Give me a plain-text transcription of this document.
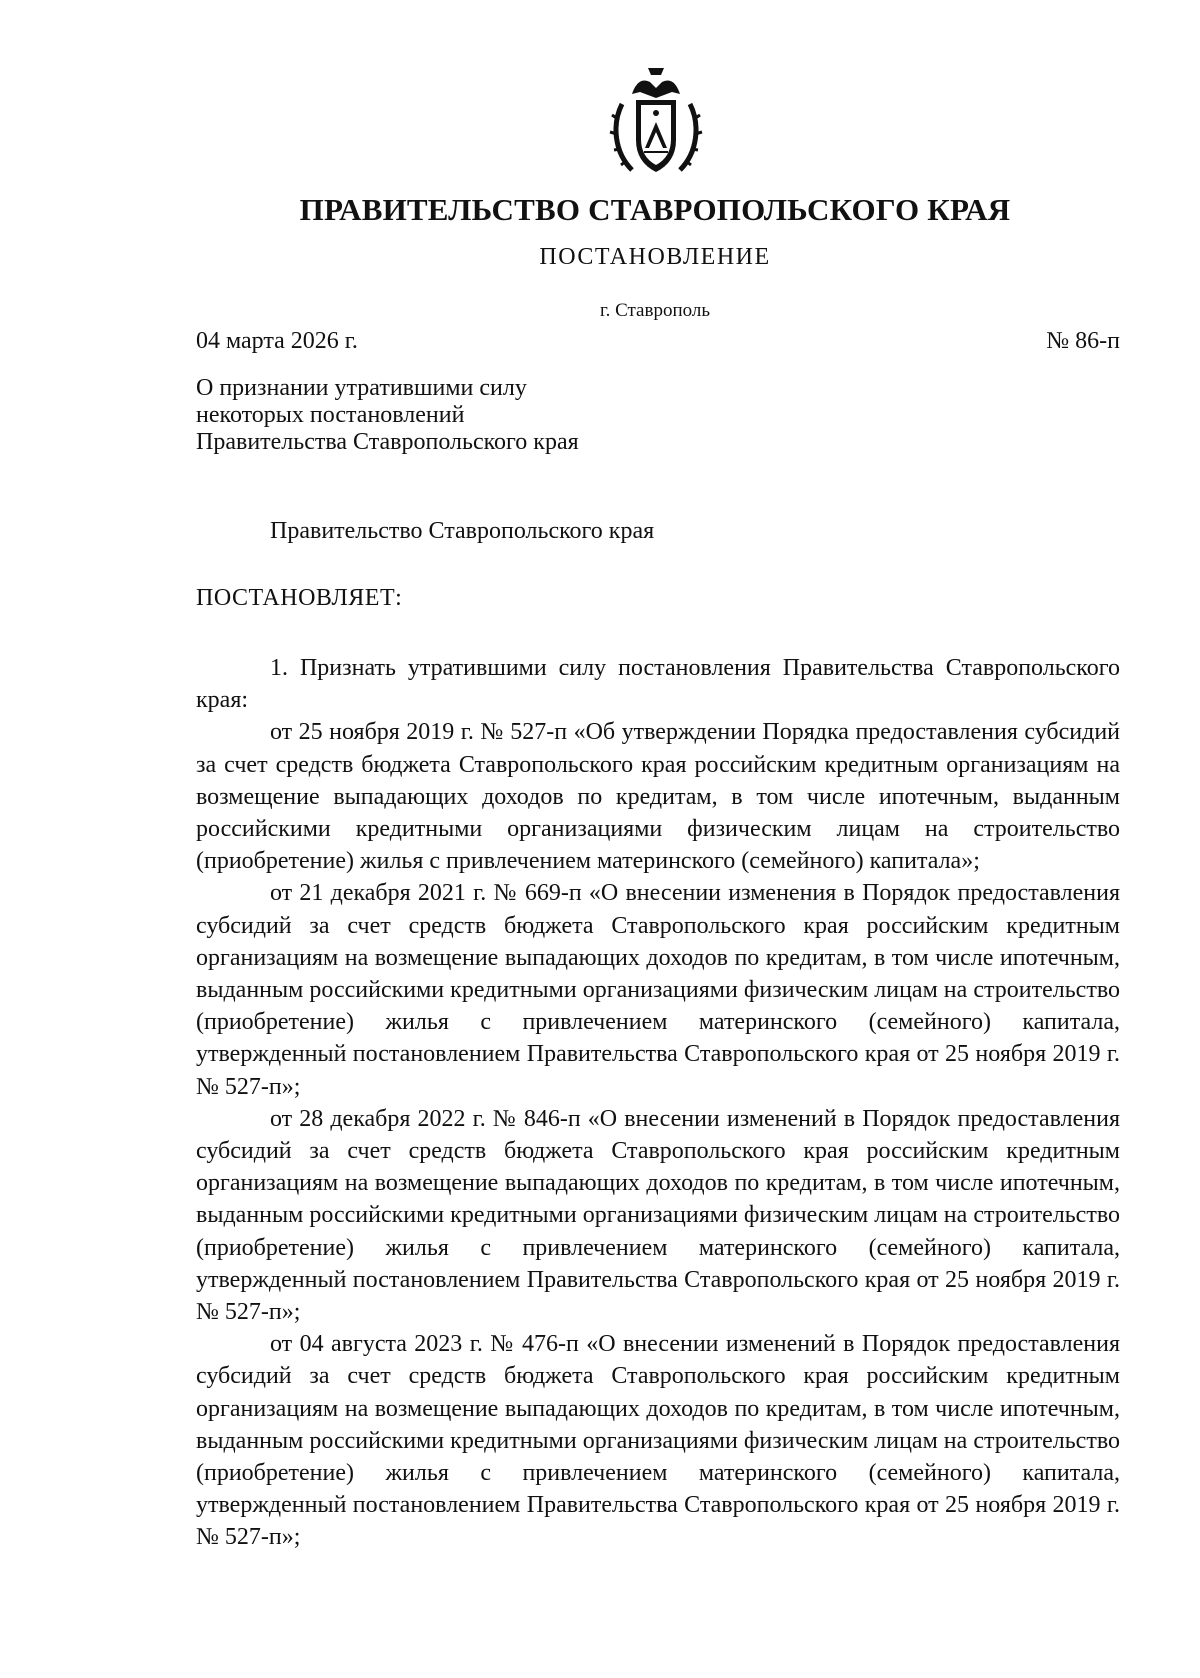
ПРАВИТЕЛЬСТВО СТАВРОПОЛЬСКОГО КРАЯ
ПОСТАНОВЛЕНИЕ
г. Ставрополь
04 марта 2026 г.	№ 86-п
О признании утратившими силу
некоторых постановлений
Правительства Ставропольского края
Правительство Ставропольского края
ПОСТАНОВЛЯЕТ:

1. Признать утратившими силу постановления Правительства Ставропольского края:

от 25 ноября 2019 г. № 527-п «Об утверждении Порядка предоставления субсидий за счет средств бюджета Ставропольского края российским кредитным организациям на возмещение выпадающих доходов по кредитам, в том числе ипотечным, выданным российскими кредитными организациями физическим лицам на строительство (приобретение) жилья с привлечением материнского (семейного) капитала»;

от 21 декабря 2021 г. № 669-п «О внесении изменения в Порядок предоставления субсидий за счет средств бюджета Ставропольского края российским кредитным организациям на возмещение выпадающих доходов по кредитам, в том числе ипотечным, выданным российскими кредитными организациями физическим лицам на строительство (приобретение) жилья с привлечением материнского (семейного) капитала, утвержденный постановлением Правительства Ставропольского края от 25 ноября 2019 г. № 527-п»;

от 28 декабря 2022 г. № 846-п «О внесении изменений в Порядок предоставления субсидий за счет средств бюджета Ставропольского края российским кредитным организациям на возмещение выпадающих доходов по кредитам, в том числе ипотечным, выданным российскими кредитными организациями физическим лицам на строительство (приобретение) жилья с привлечением материнского (семейного) капитала, утвержденный постановлением Правительства Ставропольского края от 25 ноября 2019 г. № 527-п»;

от 04 августа 2023 г. № 476-п «О внесении изменений в Порядок предоставления субсидий за счет средств бюджета Ставропольского края российским кредитным организациям на возмещение выпадающих доходов по кредитам, в том числе ипотечным, выданным российскими кредитными организациями физическим лицам на строительство (приобретение) жилья с привлечением материнского (семейного) капитала, утвержденный постановлением Правительства Ставропольского края от 25 ноября 2019 г. № 527-п»;
